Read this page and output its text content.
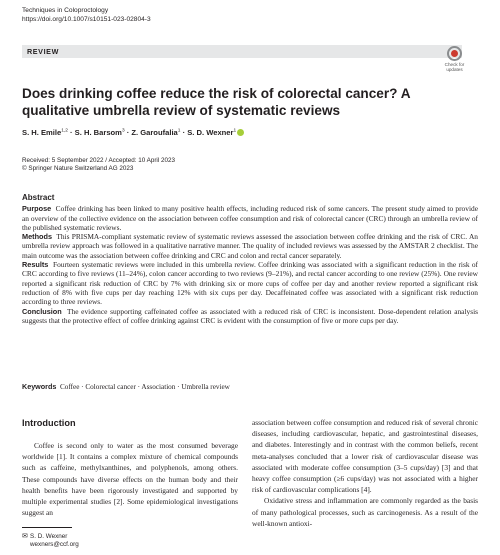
Techniques in Coloproctology
https://doi.org/10.1007/s10151-023-02804-3
REVIEW
Check for
updates
Does drinking coffee reduce the risk of colorectal cancer? A qualitative umbrella review of systematic reviews
S. H. Emile$^{1,2}$ · S. H. Barsom$^3$ · Z. Garoufalia$^1$ · S. D. Wexner$^1$
Received: 5 September 2022 / Accepted: 10 April 2023
© Springer Nature Switzerland AG 2023
Abstract

Purpose Coffee drinking has been linked to many positive health effects, including reduced risk of some cancers. The present study aimed to provide an overview of the collective evidence on the association between coffee consumption and risk of colorectal cancer (CRC) through an umbrella review of the published systematic reviews.

Methods This PRISMA-compliant systematic review of systematic reviews assessed the association between coffee drinking and the risk of CRC. An umbrella review approach was followed in a qualitative narrative manner. The quality of included reviews was assessed by the AMSTAR 2 checklist. The main outcome was the association between coffee drinking and CRC and colon and rectal cancer separately.

Results Fourteen systematic reviews were included in this umbrella review. Coffee drinking was associated with a significant reduction in the risk of CRC according to five reviews (11–24%), colon cancer according to two reviews (9–21%), and rectal cancer according to one review (25%). One review reported a significant risk reduction of CRC by 7% with drinking six or more cups of coffee per day and another review reported a significant risk reduction of 8% with five cups per day reaching 12% with six cups per day. Decaffeinated coffee was associated with a significant risk reduction according to three reviews.

Conclusion The evidence supporting caffeinated coffee as associated with a reduced risk of CRC is inconsistent. Dose-dependent relation analysis suggests that the protective effect of coffee drinking against CRC is evident with the consumption of five or more cups per day.

Keywords Coffee · Colorectal cancer · Association · Umbrella review
Introduction

Coffee is second only to water as the most consumed beverage worldwide [1]. It contains a complex mixture of chemical compounds such as caffeine, methylxanthines, and polyphenols, among others. These compounds have diverse effects on the human body and their health benefits have been rigorously investigated and supported by multiple experimental studies [2]. Some epidemiological investigations suggest an

association between coffee consumption and reduced risk of several chronic diseases, including cardiovascular, hepatic, and gastrointestinal diseases, and diabetes. Interestingly and in contrast with the common beliefs, recent meta-analyses concluded that a lower risk of cardiovascular disease was associated with moderate coffee consumption (3–5 cups/day) [3] and that heavy coffee consumption (≥6 cups/day) was not associated with a higher risk of cardiovascular complications [4].

Oxidative stress and inflammation are commonly regarded as the basis of many pathological processes, such as carcinogenesis. As a result of the well-known antioxi-

✉ S. D. Wexner
wexners@ccf.org
